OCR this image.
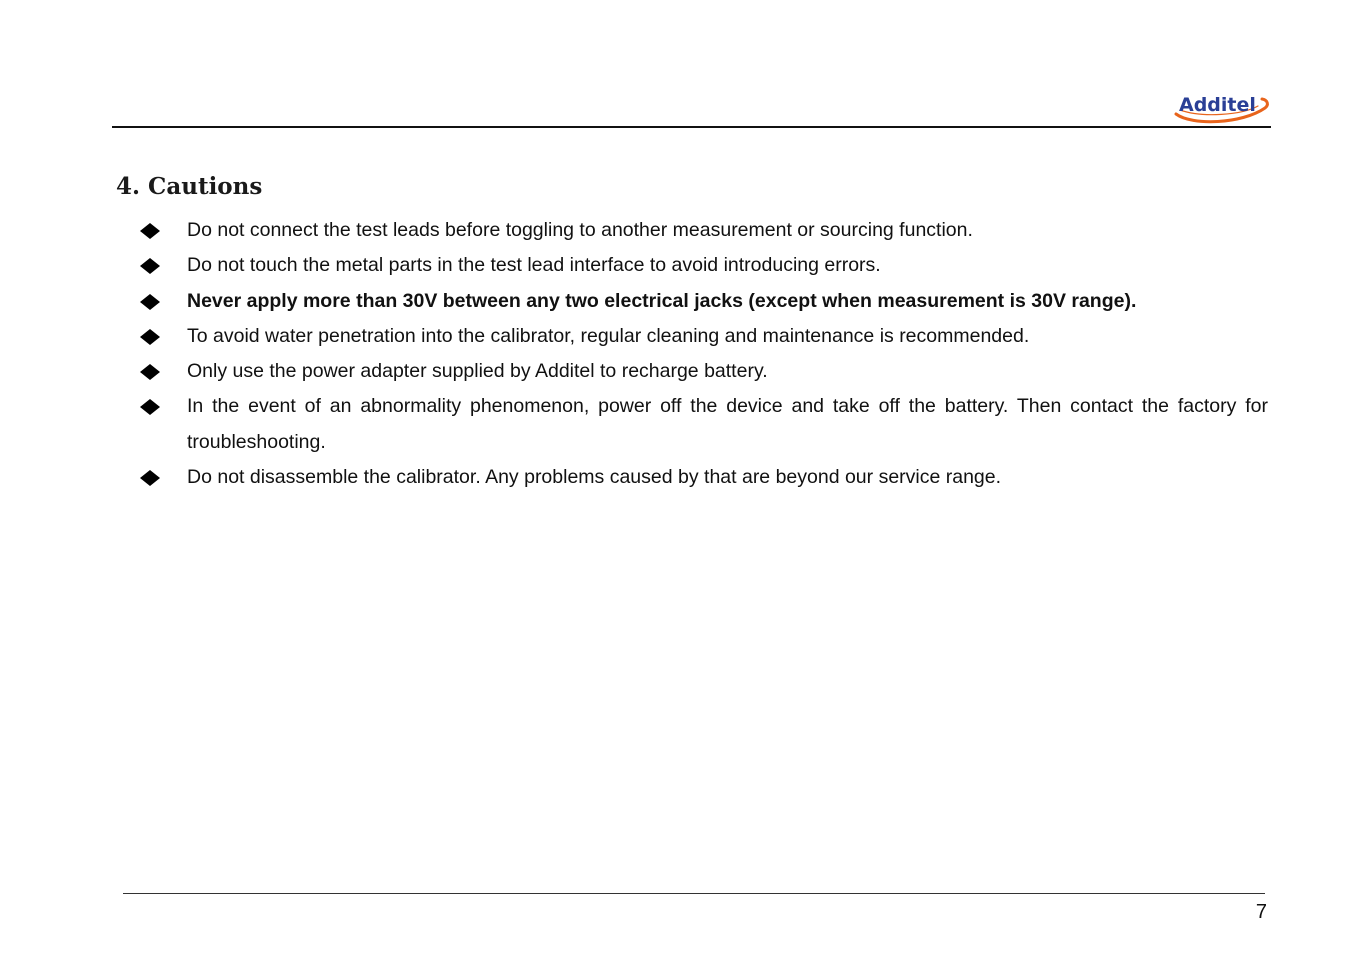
Additel
4. Cautions
Do not connect the test leads before toggling to another measurement or sourcing function.
Do not touch the metal parts in the test lead interface to avoid introducing errors.
Never apply more than 30V between any two electrical jacks (except when measurement is 30V range).
To avoid water penetration into the calibrator, regular cleaning and maintenance is recommended.
Only use the power adapter supplied by Additel to recharge battery.
In the event of an abnormality phenomenon, power off the device and take off the battery. Then contact the factory for troubleshooting.
Do not disassemble the calibrator. Any problems caused by that are beyond our service range.
7
